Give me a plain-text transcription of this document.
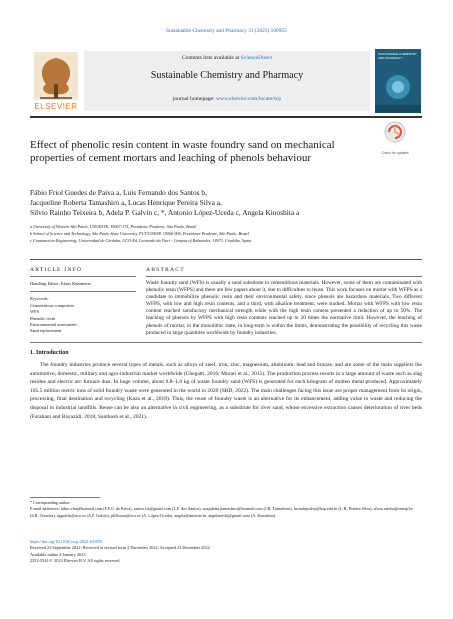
Sustainable Chemistry and Pharmacy 31 (2023) 100955
ELSEVIER
Contents lists available at ScienceDirect
Sustainable Chemistry and Pharmacy
journal homepage: www.elsevier.com/locate/scp
SUSTAINABLE CHEMISTRY AND PHARMACY
Effect of phenolic resin content in waste foundry sand on mechanical properties of cement mortars and leaching of phenols behaviour	Check for updates
Fábio Friol Guedes de Paiva a, Luis Fernando dos Santos b,
Jacqueline Roberta Tamashiro a, Lucas Henrique Pereira Silva a,
Silvio Rainho Teixeira b, Adela P. Galvín c, *, Antonio López-Uceda c, Angela Kinoshita a
a University of Western São Paulo, UNOESTE, 19067-175, Presidente Prudente, São Paulo, Brazil
b School of Science and Technology, São Paulo State University, FCT/UNESP, 19060-900, Presidente Prudente, São Paulo, Brazil
c Construction Engineering, Universidad de Córdoba, UCO-Ed, Leonardo da Vinci - Campus of Rabanales, 14071, Córdoba, Spain
ARTICLE INFO
Handling Editor: Klaus Kümmerer
Keywords:
Cementitious composites
WFS
Phenolic resin
Environmental assessment
Sand replacement
ABSTRACT
Waste foundry sand (WFS) is usually a sand substitute in cementitious materials. However, some of them are contaminated with phenolic resin (WFPS) and there are few papers about it, due to difficulties to reuse. This work focuses on mortar with WFPS as a candidate to immobilize phenolic resin and their environmental safety, since phenols are hazardous materials. Two different WFPS, with low and high resin contents, and a third, with alkaline treatment, were studied. Mortar with WFPS with low resin content reached satisfactory mechanical strength while with the high resin content presented a reduction of up to 50%. The leaching of phenols by WFPS with high resin contents reached up to 20 times the normative limit. However, the leaching of phenols of mortar, in the monolithic state, in long-term is within the limits, demonstrating the possibility of recycling this waste produced in large quantities worldwide by foundry industries.
1. Introduction
The foundry industries produce several types of metals, such as alloys of steel, iron, zinc, magnesium, aluminum, lead and bronze, and are some of the main suppliers the automotive, domestic, military and agro-industrial market worldwide (Chegatti, 2016; Murari et al., 2015). The production process results in a large amount of waste such as slag residue and electric arc furnace dust. In huge volume, about 0.8–1.0 kg of waste foundry sand (WFS) is generated for each kilogram of molten metal produced. Approximately 105.5 million metric tons of solid foundry waste were generated in the world in 2020 (SRD, 2022). The main challenges facing this issue are proper management from its origin, processing, final destination and recycling (Kaza et al., 2018). Thus, the reuse of foundry waste is an alternative for its enhancement, adding value to waste and reducing the disposal in industrial landfills. Reuse can be also an alternative in civil engineering, as a substitute for river sand, whose excessive extraction causes deterioration of river beds (Farahani and Bayazidi, 2018; Santhosh et al., 2021).
* Corresponding author.
E-mail addresses: fabio.vfsa@hotmail.com (F.F.G. de Paiva), santos.lfs@gmail.com (L.F. dos Santos), anajuletta.jtamashiro@hotmail.com (J.R. Tamashiro), lucasdepsilva@hsp.edu.br (L.H. Pereira Silva), silvio.rainho@unesp.br (S.R. Teixeira), apgalvin@uco.es (A.P. Galvín), p62louca@uco.es (A. López-Uceda), angela@unoeste.br, angelaneski@gmail.com (A. Kinoshita).
https://doi.org/10.1016/j.scp.2022.100955
Received 23 September 2022; Received in revised form 2 December 2022; Accepted 23 December 2022
Available online 4 January 2023
2352-5541/© 2023 Elsevier B.V. All rights reserved.
